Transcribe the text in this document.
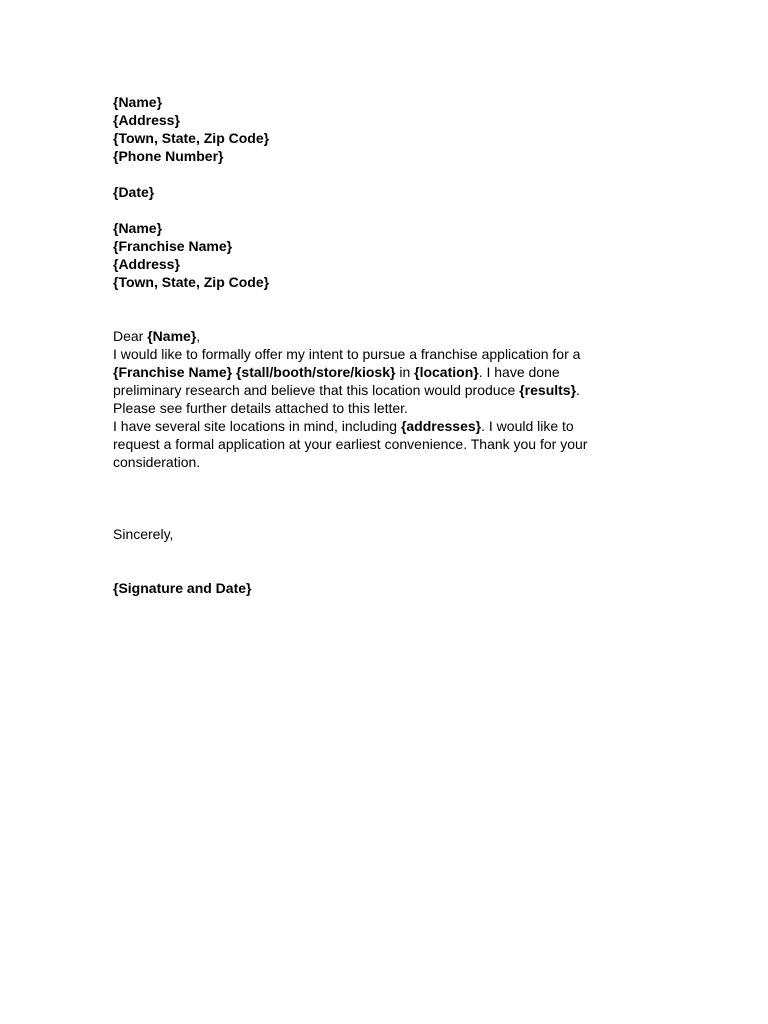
{Name}
{Address}
{Town, State, Zip Code}
{Phone Number}
{Date}
{Name}
{Franchise Name}
{Address}
{Town, State, Zip Code}
Dear {Name},
I would like to formally offer my intent to pursue a franchise application for a
{Franchise Name} {stall/booth/store/kiosk} in {location}. I have done
preliminary research and believe that this location would produce {results}.
Please see further details attached to this letter.
I have several site locations in mind, including {addresses}. I would like to
request a formal application at your earliest convenience. Thank you for your
consideration.
Sincerely,
{Signature and Date}
